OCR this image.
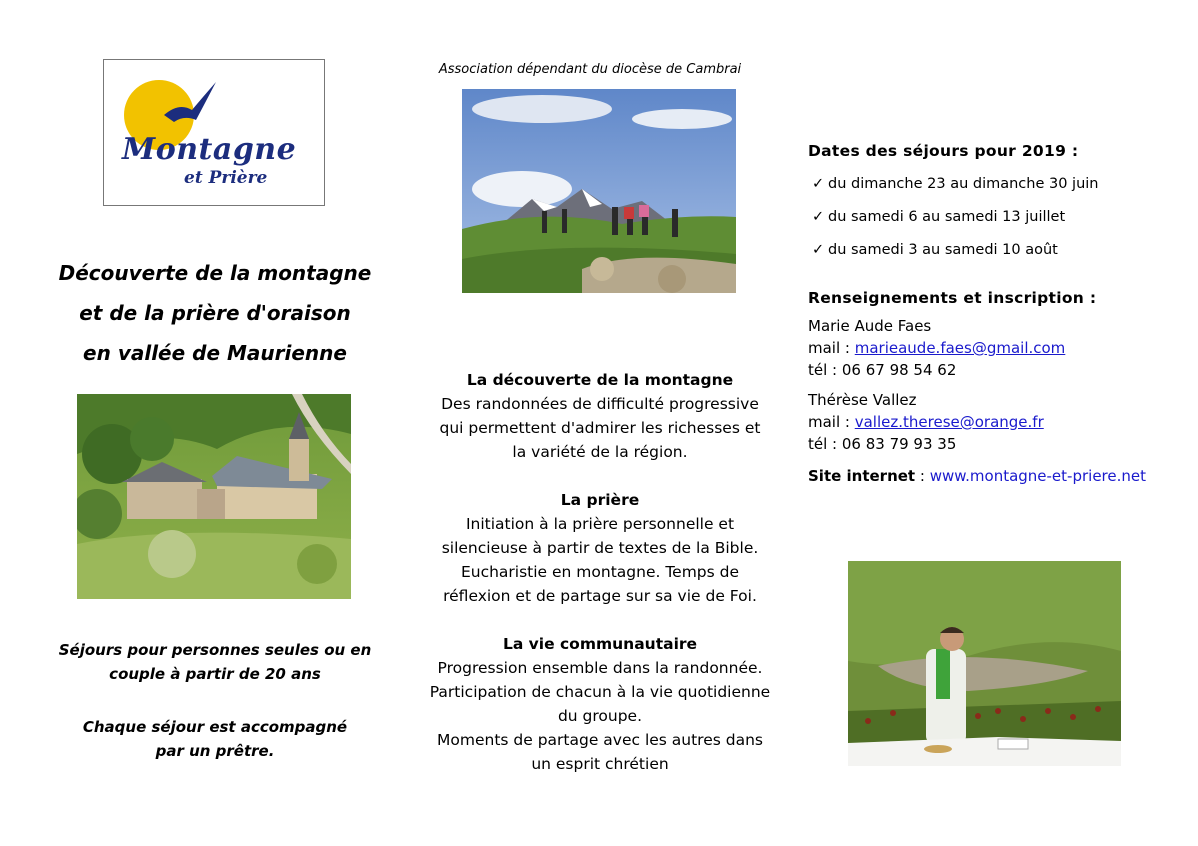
Montagne
et Prière
Découverte de la montagne
et de la prière d'oraison
en vallée de Maurienne
Séjours pour personnes seules ou en
couple à partir de 20 ans
Chaque séjour est accompagné
par un prêtre.
Association dépendant du diocèse de Cambrai
La découverte de la montagne
Des randonnées de difficulté progressive
qui permettent d'admirer les richesses et
la variété de la région.
La prière
Initiation à la prière personnelle et
silencieuse à partir de textes de la Bible.
Eucharistie en montagne. Temps de
réflexion et de partage sur sa vie de Foi.
La vie communautaire
Progression ensemble dans la randonnée.
Participation de chacun à la vie quotidienne
du groupe.
Moments de partage avec les autres dans
un esprit chrétien
Dates des séjours pour 2019 :
✓ du dimanche 23 au dimanche 30 juin
✓ du samedi 6 au samedi 13 juillet
✓ du samedi 3 au samedi 10 août
Renseignements et inscription :
Marie Aude Faes
mail : marieaude.faes@gmail.com
tél : 06 67 98 54 62
Thérèse Vallez
mail : vallez.therese@orange.fr
tél : 06 83 79 93 35
Site internet : www.montagne-et-priere.net
